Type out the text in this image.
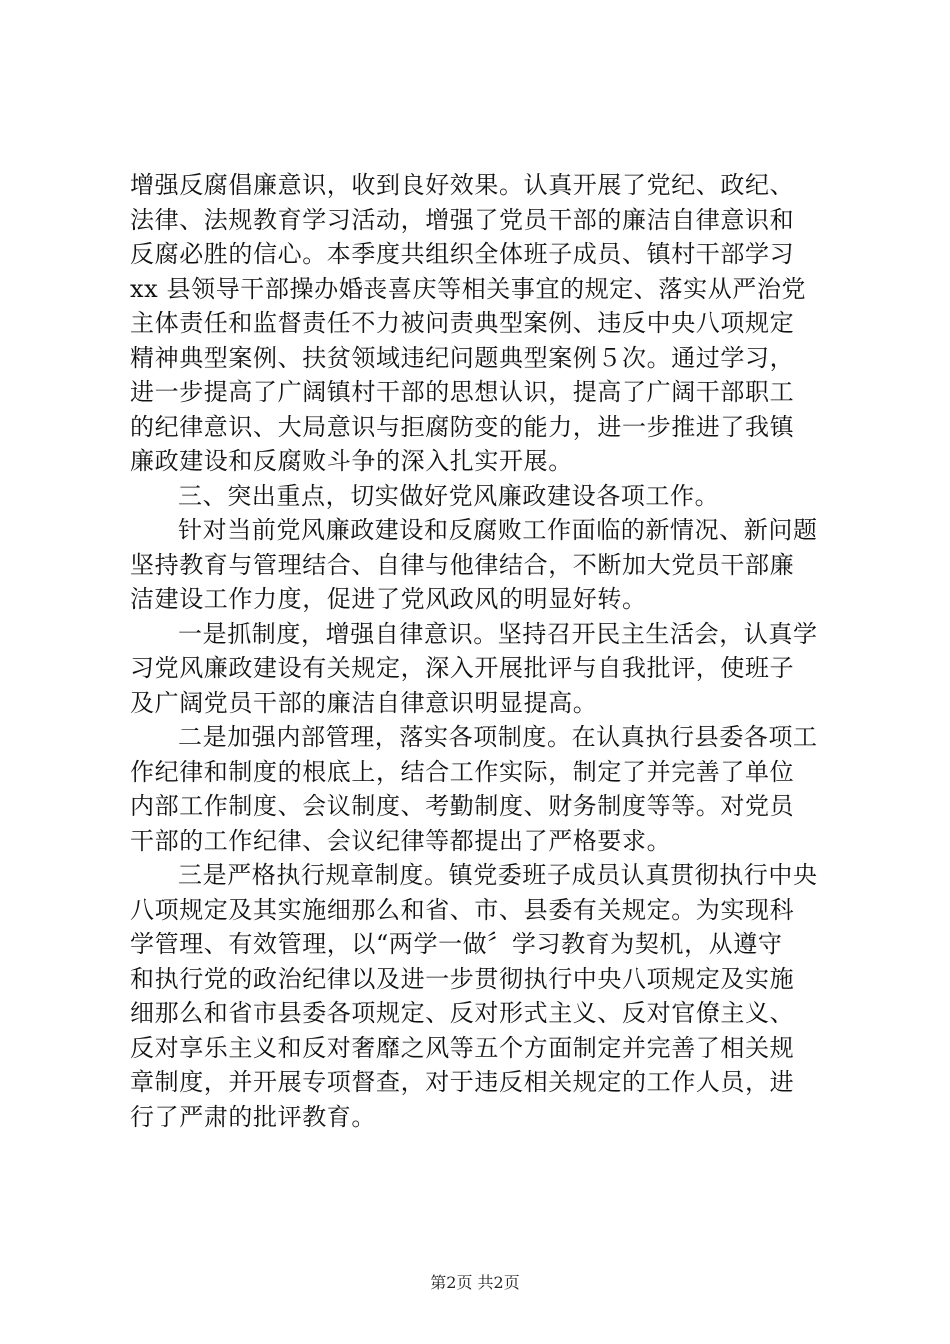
增强反腐倡廉意识，收到良好效果。认真开展了党纪、政纪、
法律、法规教育学习活动，增强了党员干部的廉洁自律意识和
反腐必胜的信心。本季度共组织全体班子成员、镇村干部学习
xx 县领导干部操办婚丧喜庆等相关事宜的规定、落实从严治党
主体责任和监督责任不力被问责典型案例、违反中央八项规定
精神典型案例、扶贫领域违纪问题典型案例５次。通过学习，
进一步提高了广阔镇村干部的思想认识，提高了广阔干部职工
的纪律意识、大局意识与拒腐防变的能力，进一步推进了我镇
廉政建设和反腐败斗争的深入扎实开展。
三、突出重点，切实做好党风廉政建设各项工作。
针对当前党风廉政建设和反腐败工作面临的新情况、新问题
坚持教育与管理结合、自律与他律结合，不断加大党员干部廉
洁建设工作力度，促进了党风政风的明显好转。
一是抓制度，增强自律意识。坚持召开民主生活会，认真学
习党风廉政建设有关规定，深入开展批评与自我批评，使班子
及广阔党员干部的廉洁自律意识明显提高。
二是加强内部管理，落实各项制度。在认真执行县委各项工
作纪律和制度的根底上，结合工作实际，制定了并完善了单位
内部工作制度、会议制度、考勤制度、财务制度等等。对党员
干部的工作纪律、会议纪律等都提出了严格要求。
三是严格执行规章制度。镇党委班子成员认真贯彻执行中央
八项规定及其实施细那么和省、市、县委有关规定。为实现科
学管理、有效管理，以“两学一做〞学习教育为契机，从遵守
和执行党的政治纪律以及进一步贯彻执行中央八项规定及实施
细那么和省市县委各项规定、反对形式主义、反对官僚主义、
反对享乐主义和反对奢靡之风等五个方面制定并完善了相关规
章制度，并开展专项督查，对于违反相关规定的工作人员，进
行了严肃的批评教育。
第2页 共2页
